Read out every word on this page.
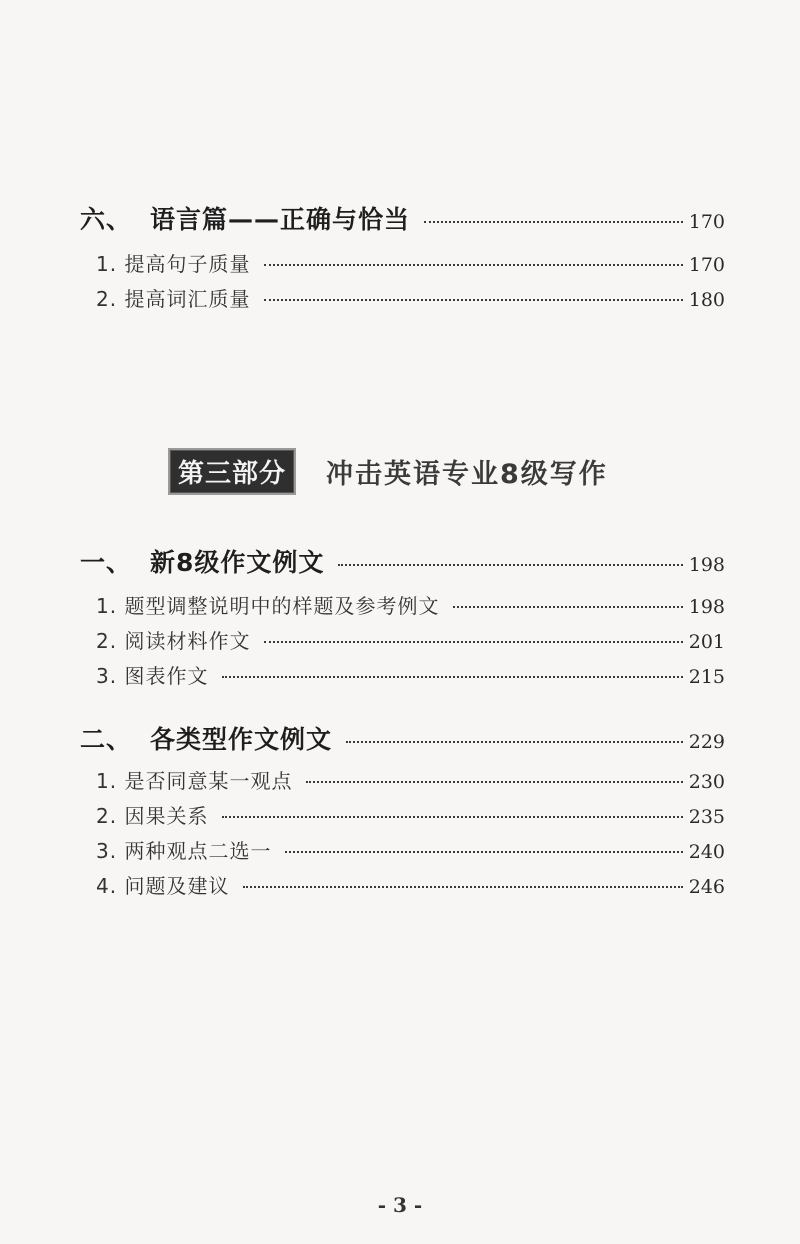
六、 语言篇——正确与恰当	170
1. 提高句子质量	170
2. 提高词汇质量	180
第三部分	冲击英语专业8级写作
一、 新8级作文例文	198
1. 题型调整说明中的样题及参考例文	198
2. 阅读材料作文	201
3. 图表作文	215
二、 各类型作文例文	229
1. 是否同意某一观点	230
2. 因果关系	235
3. 两种观点二选一	240
4. 问题及建议	246
- 3 -
